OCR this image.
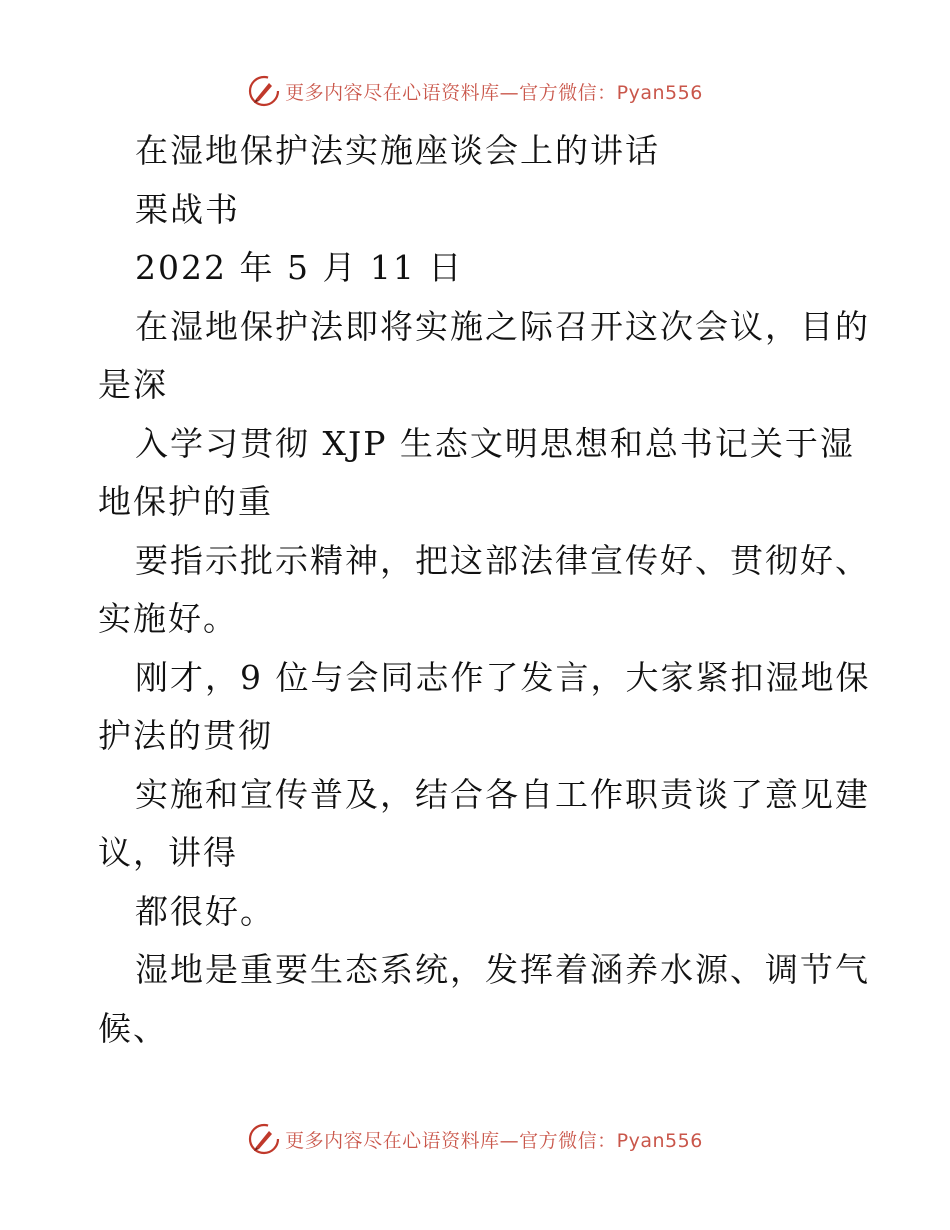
更多内容尽在心语资料库—官方微信：Pyan556
在湿地保护法实施座谈会上的讲话
栗战书
2022 年 5 月 11 日
在湿地保护法即将实施之际召开这次会议，目的
是深
入学习贯彻 XJP 生态文明思想和总书记关于湿
地保护的重
要指示批示精神，把这部法律宣传好、贯彻好、
实施好。
刚才，9 位与会同志作了发言，大家紧扣湿地保
护法的贯彻
实施和宣传普及，结合各自工作职责谈了意见建
议，讲得
都很好。
湿地是重要生态系统，发挥着涵养水源、调节气
候、
更多内容尽在心语资料库—官方微信：Pyan556
